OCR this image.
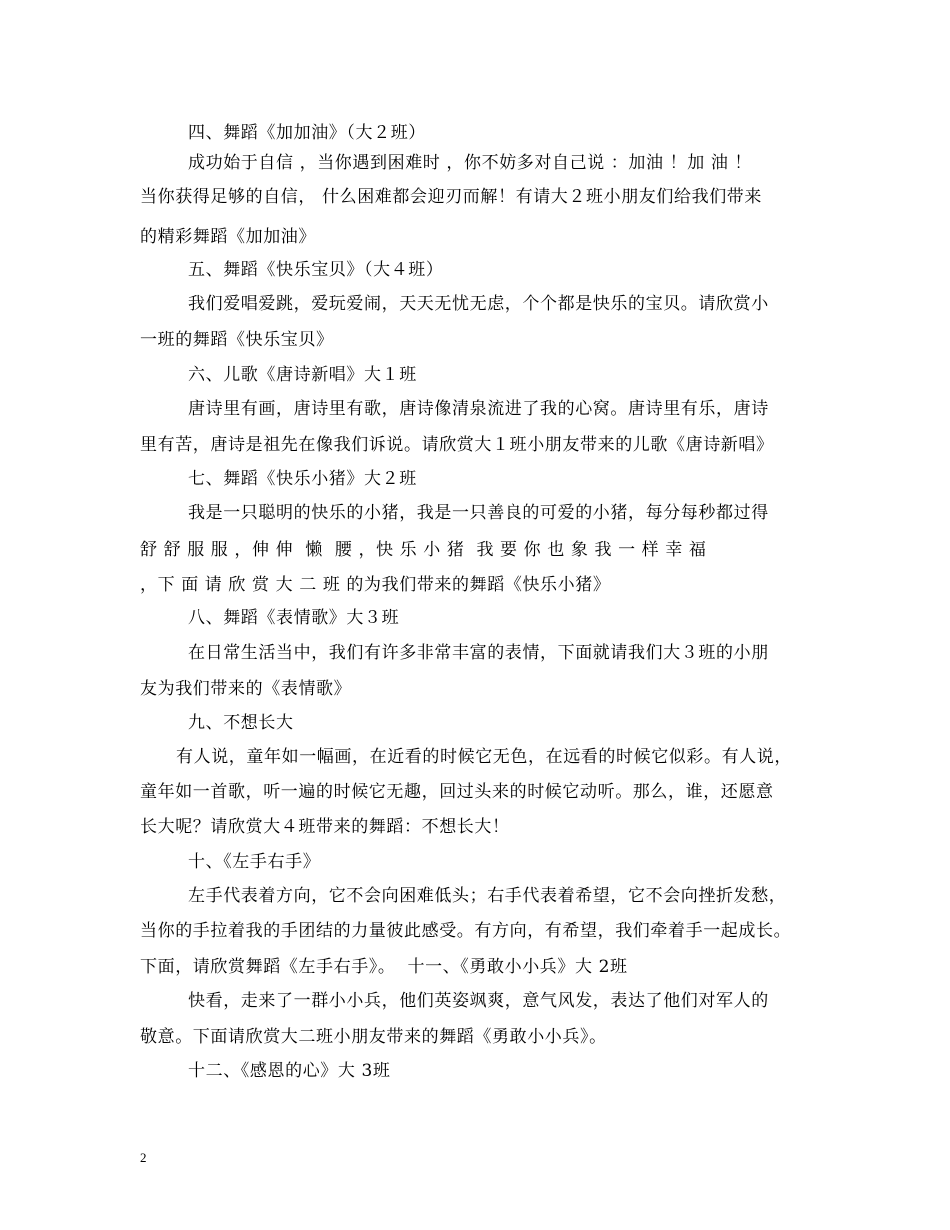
四、舞蹈《加加油》（大２班）
成功始于自信 ，当你遇到困难时 ，你不妨多对自己说 ：加油 ！加 油 ！
当你获得足够的自信， 什么困难都会迎刃而解！有请大２班小朋友们给我们带来
的精彩舞蹈《加加油》
五、舞蹈《快乐宝贝》（大４班）
我们爱唱爱跳，爱玩爱闹，天天无忧无虑，个个都是快乐的宝贝。请欣赏小
一班的舞蹈《快乐宝贝》
六、儿歌《唐诗新唱》大１班
唐诗里有画，唐诗里有歌，唐诗像清泉流进了我的心窝。唐诗里有乐，唐诗
里有苦，唐诗是祖先在像我们诉说。请欣赏大１班小朋友带来的儿歌《唐诗新唱》
七、舞蹈《快乐小猪》大２班
我是一只聪明的快乐的小猪，我是一只善良的可爱的小猪，每分每秒都过得
舒 舒 服 服 ，伸 伸  懒  腰 ，快 乐 小 猪  我 要 你 也 象 我 一 样 幸 福
，下 面 请 欣 赏 大 二 班 的为我们带来的舞蹈《快乐小猪》
八、舞蹈《表情歌》大３班
在日常生活当中，我们有许多非常丰富的表情，下面就请我们大３班的小朋
友为我们带来的《表情歌》
九、不想长大
有人说，童年如一幅画，在近看的时候它无色，在远看的时候它似彩。有人说，
童年如一首歌，听一遍的时候它无趣，回过头来的时候它动听。那么，谁，还愿意
长大呢？请欣赏大４班带来的舞蹈：不想长大！
十、《左手右手》
左手代表着方向，它不会向困难低头；右手代表着希望，它不会向挫折发愁，
当你的手拉着我的手团结的力量彼此感受。有方向，有希望，我们牵着手一起成长。
下面，请欣赏舞蹈《左手右手》。  十一、《勇敢小小兵》大 2班
快看，走来了一群小小兵，他们英姿飒爽，意气风发，表达了他们对军人的
敬意。下面请欣赏大二班小朋友带来的舞蹈《勇敢小小兵》。
十二、《感恩的心》大 3班
2
